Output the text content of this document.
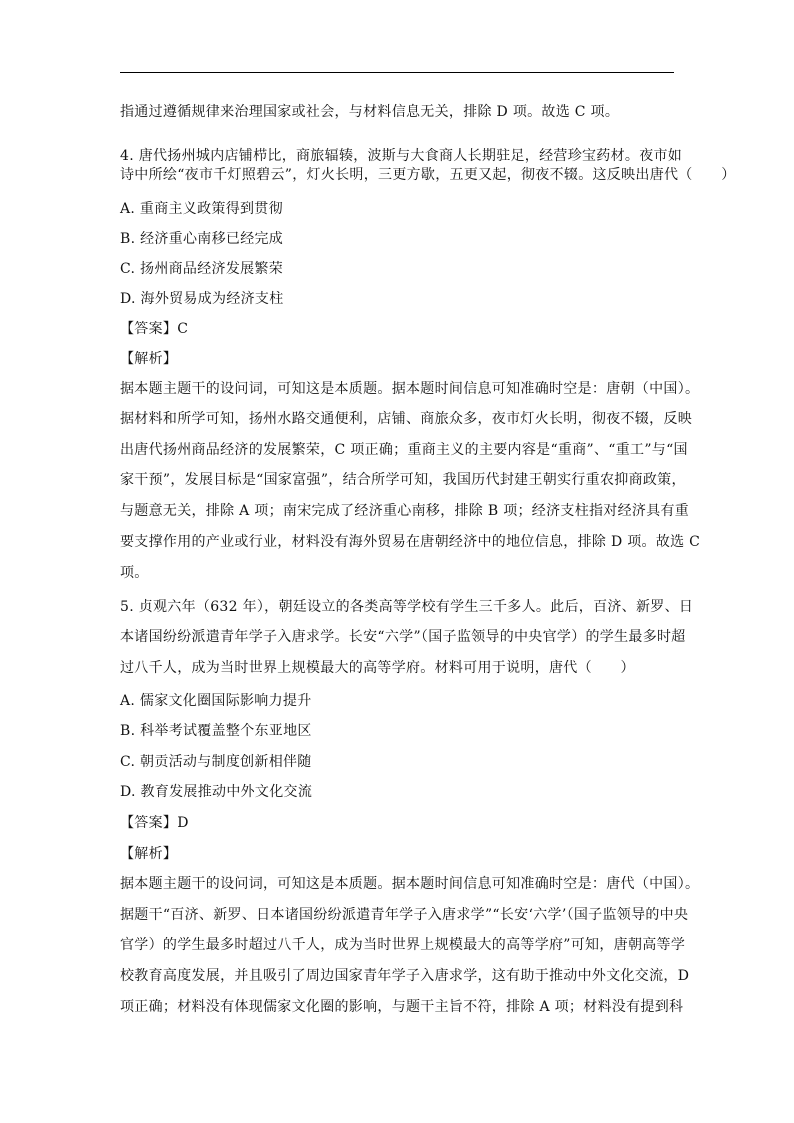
指通过遵循规律来治理国家或社会，与材料信息无关，排除 D 项。故选 C 项。
4. 唐代扬州城内店铺栉比，商旅辐辏，波斯与大食商人长期驻足，经营珍宝药材。夜市如
诗中所绘“夜市千灯照碧云”，灯火长明，三更方歇，五更又起，彻夜不辍。这反映出唐代（　　）
A. 重商主义政策得到贯彻
B. 经济重心南移已经完成
C. 扬州商品经济发展繁荣
D. 海外贸易成为经济支柱
【答案】C
【解析】
据本题主题干的设问词，可知这是本质题。据本题时间信息可知准确时空是：唐朝（中国）。
据材料和所学可知，扬州水路交通便利，店铺、商旅众多，夜市灯火长明，彻夜不辍，反映
出唐代扬州商品经济的发展繁荣，C 项正确；重商主义的主要内容是“重商”、“重工”与“国
家干预”，发展目标是“国家富强”，结合所学可知，我国历代封建王朝实行重农抑商政策，
与题意无关，排除 A 项；南宋完成了经济重心南移，排除 B 项；经济支柱指对经济具有重
要支撑作用的产业或行业，材料没有海外贸易在唐朝经济中的地位信息，排除 D 项。故选 C
项。
5. 贞观六年（632 年），朝廷设立的各类高等学校有学生三千多人。此后，百济、新罗、日
本诸国纷纷派遣青年学子入唐求学。长安“六学”（国子监领导的中央官学）的学生最多时超
过八千人，成为当时世界上规模最大的高等学府。材料可用于说明，唐代（　　）
A. 儒家文化圈国际影响力提升
B. 科举考试覆盖整个东亚地区
C. 朝贡活动与制度创新相伴随
D. 教育发展推动中外文化交流
【答案】D
【解析】
据本题主题干的设问词，可知这是本质题。据本题时间信息可知准确时空是：唐代（中国）。
据题干“百济、新罗、日本诸国纷纷派遣青年学子入唐求学”“长安‘六学’（国子监领导的中央
官学）的学生最多时超过八千人，成为当时世界上规模最大的高等学府”可知，唐朝高等学
校教育高度发展，并且吸引了周边国家青年学子入唐求学，这有助于推动中外文化交流，D
项正确；材料没有体现儒家文化圈的影响，与题干主旨不符，排除 A 项；材料没有提到科
